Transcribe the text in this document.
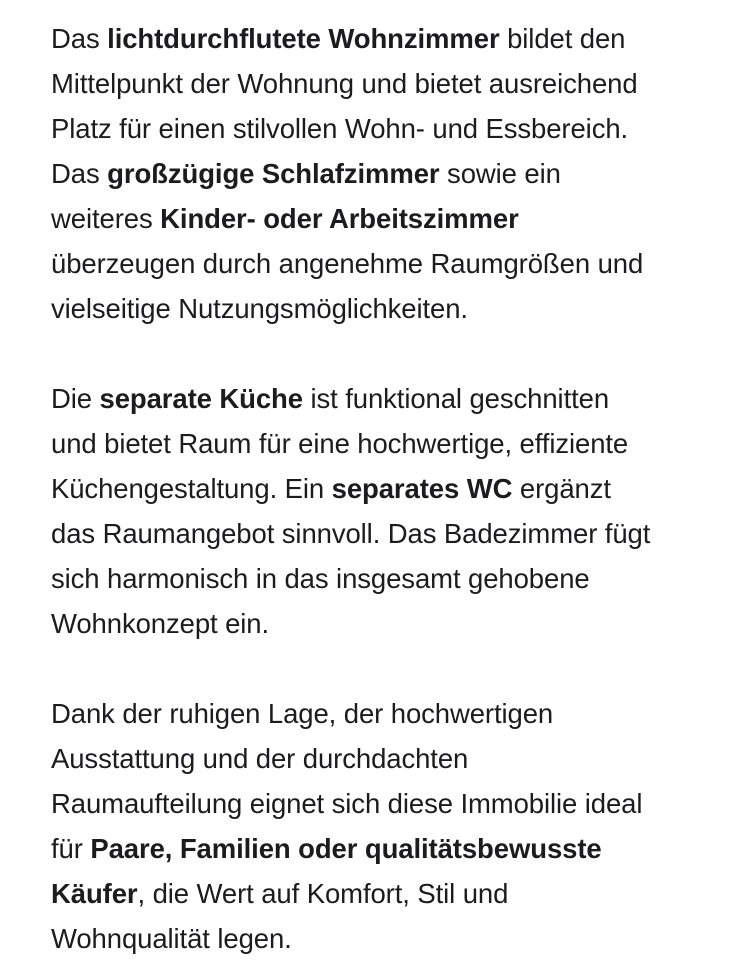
Das lichtdurchflutete Wohnzimmer bildet den
Mittelpunkt der Wohnung und bietet ausreichend
Platz für einen stilvollen Wohn- und Essbereich.
Das großzügige Schlafzimmer sowie ein
weiteres Kinder- oder Arbeitszimmer
überzeugen durch angenehme Raumgrößen und
vielseitige Nutzungsmöglichkeiten.
Die separate Küche ist funktional geschnitten
und bietet Raum für eine hochwertige, effiziente
Küchengestaltung. Ein separates WC ergänzt
das Raumangebot sinnvoll. Das Badezimmer fügt
sich harmonisch in das insgesamt gehobene
Wohnkonzept ein.
Dank der ruhigen Lage, der hochwertigen
Ausstattung und der durchdachten
Raumaufteilung eignet sich diese Immobilie ideal
für Paare, Familien oder qualitätsbewusste
Käufer, die Wert auf Komfort, Stil und
Wohnqualität legen.
